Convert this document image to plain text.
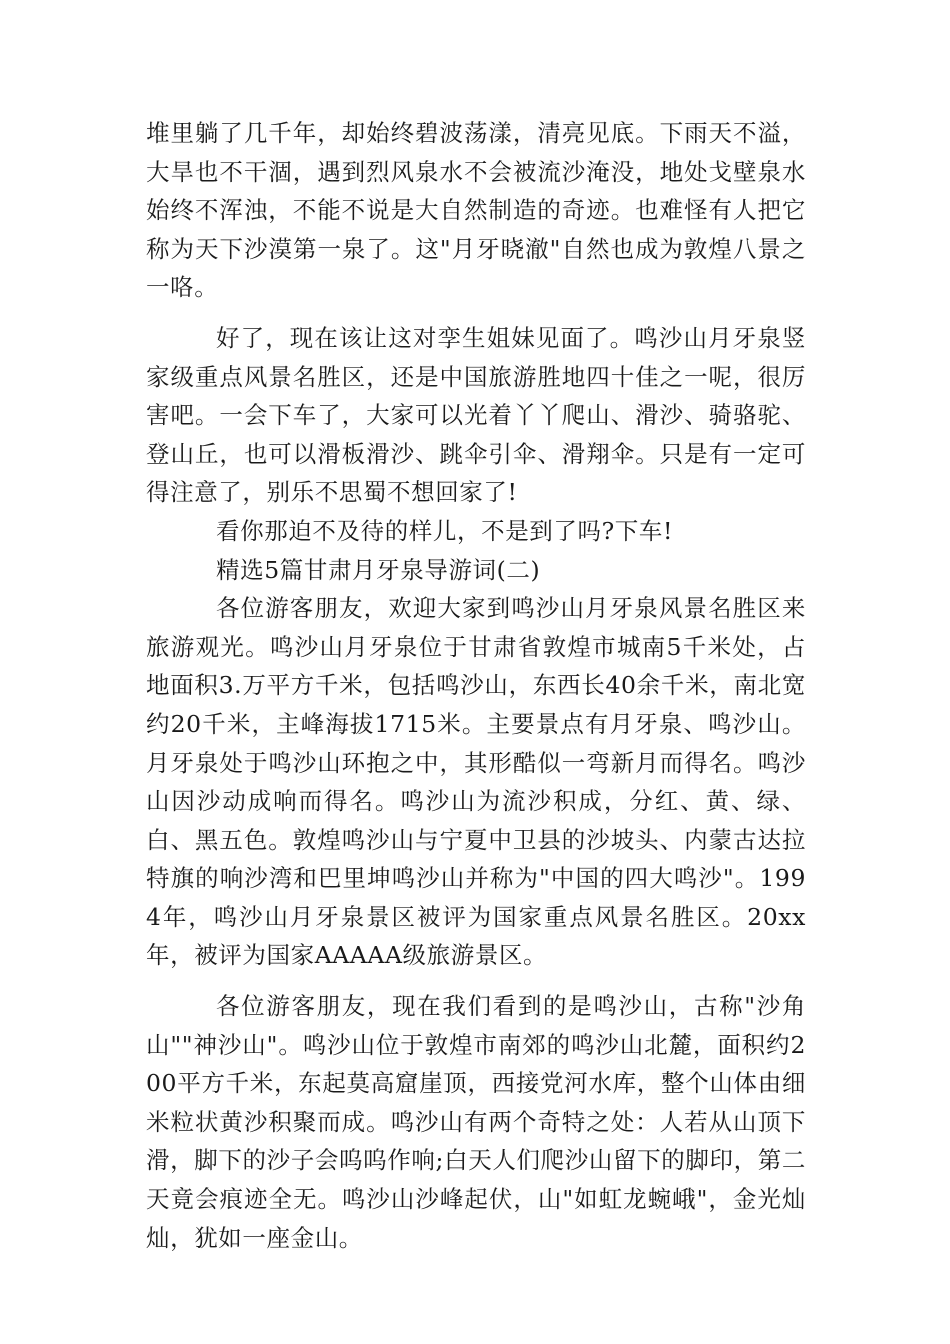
堆里躺了几千年，却始终碧波荡漾，清亮见底。下雨天不溢，大旱也不干涸，遇到烈风泉水不会被流沙淹没，地处戈壁泉水始终不浑浊，不能不说是大自然制造的奇迹。也难怪有人把它称为天下沙漠第一泉了。这"月牙晓澈"自然也成为敦煌八景之一咯。

好了，现在该让这对孪生姐妹见面了。鸣沙山月牙泉竖家级重点风景名胜区，还是中国旅游胜地四十佳之一呢，很厉害吧。一会下车了，大家可以光着丫丫爬山、滑沙、骑骆驼、登山丘，也可以滑板滑沙、跳伞引伞、滑翔伞。只是有一定可得注意了，别乐不思蜀不想回家了!

看你那迫不及待的样儿，不是到了吗?下车!

精选5篇甘肃月牙泉导游词(二)

各位游客朋友，欢迎大家到鸣沙山月牙泉风景名胜区来旅游观光。鸣沙山月牙泉位于甘肃省敦煌市城南5千米处，占地面积3.万平方千米，包括鸣沙山，东西长40余千米，南北宽约20千米，主峰海拔1715米。主要景点有月牙泉、鸣沙山。月牙泉处于鸣沙山环抱之中，其形酷似一弯新月而得名。鸣沙山因沙动成响而得名。鸣沙山为流沙积成，分红、黄、绿、白、黑五色。敦煌鸣沙山与宁夏中卫县的沙坡头、内蒙古达拉特旗的响沙湾和巴里坤鸣沙山并称为"中国的四大鸣沙"。1994年，鸣沙山月牙泉景区被评为国家重点风景名胜区。20xx年，被评为国家AAAAA级旅游景区。

各位游客朋友，现在我们看到的是鸣沙山，古称"沙角山""神沙山"。鸣沙山位于敦煌市南郊的鸣沙山北麓，面积约200平方千米，东起莫高窟崖顶，西接党河水库，整个山体由细米粒状黄沙积聚而成。鸣沙山有两个奇特之处：人若从山顶下滑，脚下的沙子会呜呜作响;白天人们爬沙山留下的脚印，第二天竟会痕迹全无。鸣沙山沙峰起伏，山"如虹龙蜿峨"，金光灿灿，犹如一座金山。
